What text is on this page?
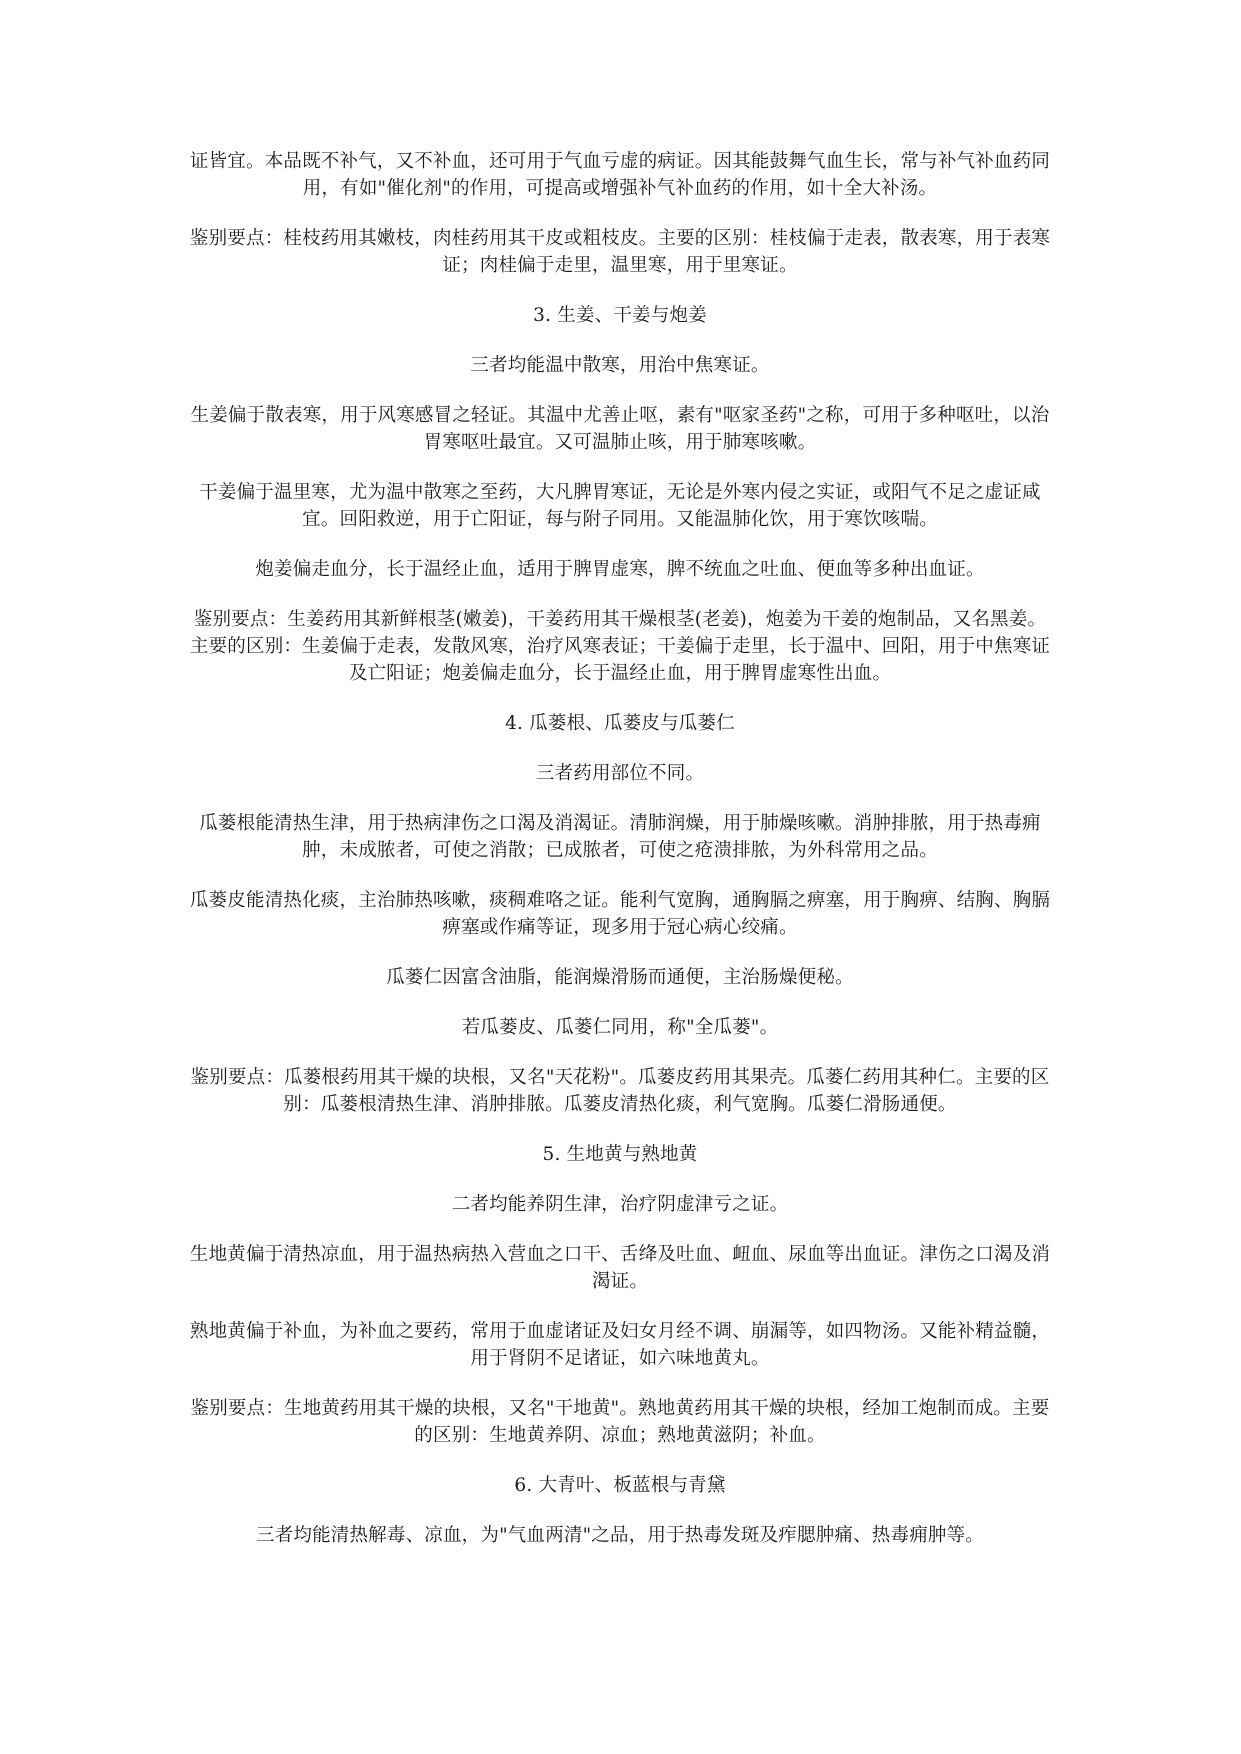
证皆宜。本品既不补气，又不补血，还可用于气血亏虚的病证。因其能鼓舞气血生长，常与补气补血药同用，有如"催化剂"的作用，可提高或增强补气补血药的作用，如十全大补汤。

鉴别要点：桂枝药用其嫩枝，肉桂药用其干皮或粗枝皮。主要的区别：桂枝偏于走表，散表寒，用于表寒证；肉桂偏于走里，温里寒，用于里寒证。

3. 生姜、干姜与炮姜

三者均能温中散寒，用治中焦寒证。

生姜偏于散表寒，用于风寒感冒之轻证。其温中尤善止呕，素有"呕家圣药"之称，可用于多种呕吐，以治胃寒呕吐最宜。又可温肺止咳，用于肺寒咳嗽。

干姜偏于温里寒，尤为温中散寒之至药，大凡脾胃寒证，无论是外寒内侵之实证，或阳气不足之虚证咸宜。回阳救逆，用于亡阳证，每与附子同用。又能温肺化饮，用于寒饮咳喘。

炮姜偏走血分，长于温经止血，适用于脾胃虚寒，脾不统血之吐血、便血等多种出血证。

鉴别要点：生姜药用其新鲜根茎(嫩姜)，干姜药用其干燥根茎(老姜)，炮姜为干姜的炮制品，又名黑姜。主要的区别：生姜偏于走表，发散风寒，治疗风寒表证；干姜偏于走里，长于温中、回阳，用于中焦寒证及亡阳证；炮姜偏走血分，长于温经止血，用于脾胃虚寒性出血。

4. 瓜蒌根、瓜蒌皮与瓜蒌仁

三者药用部位不同。

瓜蒌根能清热生津，用于热病津伤之口渴及消渴证。清肺润燥，用于肺燥咳嗽。消肿排脓，用于热毒痈肿，未成脓者，可使之消散；已成脓者，可使之疮溃排脓，为外科常用之品。

瓜蒌皮能清热化痰，主治肺热咳嗽，痰稠难咯之证。能利气宽胸，通胸膈之痹塞，用于胸痹、结胸、胸膈痹塞或作痛等证，现多用于冠心病心绞痛。

瓜蒌仁因富含油脂，能润燥滑肠而通便，主治肠燥便秘。

若瓜蒌皮、瓜蒌仁同用，称"全瓜蒌"。

鉴别要点：瓜蒌根药用其干燥的块根，又名"天花粉"。瓜蒌皮药用其果壳。瓜蒌仁药用其种仁。主要的区别：瓜蒌根清热生津、消肿排脓。瓜蒌皮清热化痰，利气宽胸。瓜蒌仁滑肠通便。

5. 生地黄与熟地黄

二者均能养阴生津，治疗阴虚津亏之证。

生地黄偏于清热凉血，用于温热病热入营血之口干、舌绛及吐血、衄血、尿血等出血证。津伤之口渴及消渴证。

熟地黄偏于补血，为补血之要药，常用于血虚诸证及妇女月经不调、崩漏等，如四物汤。又能补精益髓，用于肾阴不足诸证，如六味地黄丸。

鉴别要点：生地黄药用其干燥的块根，又名"干地黄"。熟地黄药用其干燥的块根，经加工炮制而成。主要的区别：生地黄养阴、凉血；熟地黄滋阴；补血。

6. 大青叶、板蓝根与青黛

三者均能清热解毒、凉血，为"气血两清"之品，用于热毒发斑及痄腮肿痛、热毒痈肿等。
